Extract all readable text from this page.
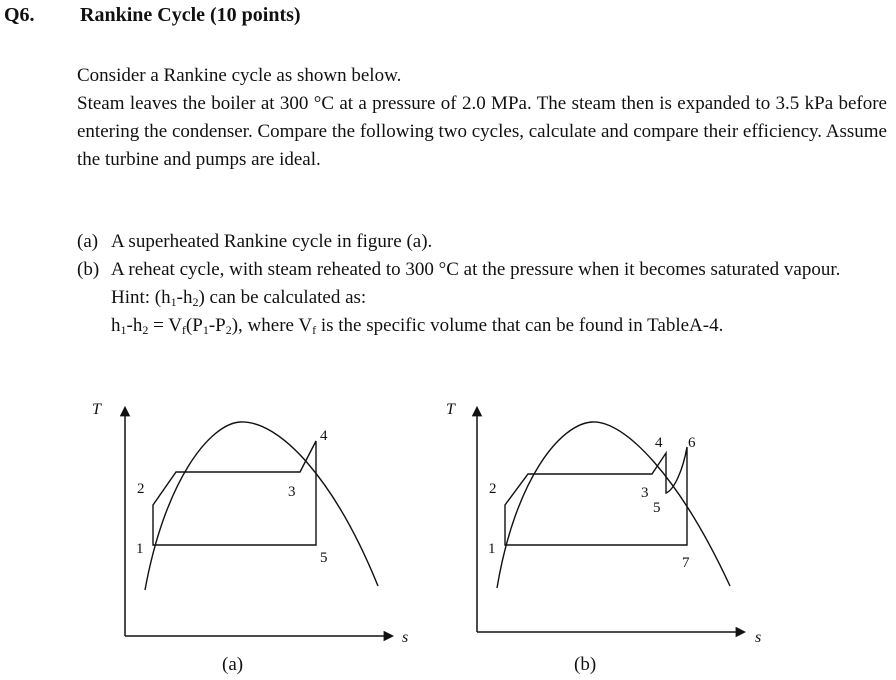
Q6. Rankine Cycle (10 points)

Consider a Rankine cycle as shown below.

Steam leaves the boiler at 300 °C at a pressure of 2.0 MPa. The steam then is expanded to 3.5 kPa before entering the condenser. Compare the following two cycles, calculate and compare their efficiency. Assume the turbine and pumps are ideal.

(a) A superheated Rankine cycle in figure (a).
(b) A reheat cycle, with steam reheated to 300 °C at the pressure when it becomes saturated vapour.
Hint: $(h_1-h_2)$ can be calculated as:
$h_1-h_2 = V_f(P_1-P_2)$, where $V_f$ is the specific volume that can be found in TableA-4.
T
s
(a)
1
2	3
4
5
T
s
(b)
1
2	3
4
5
6
7
